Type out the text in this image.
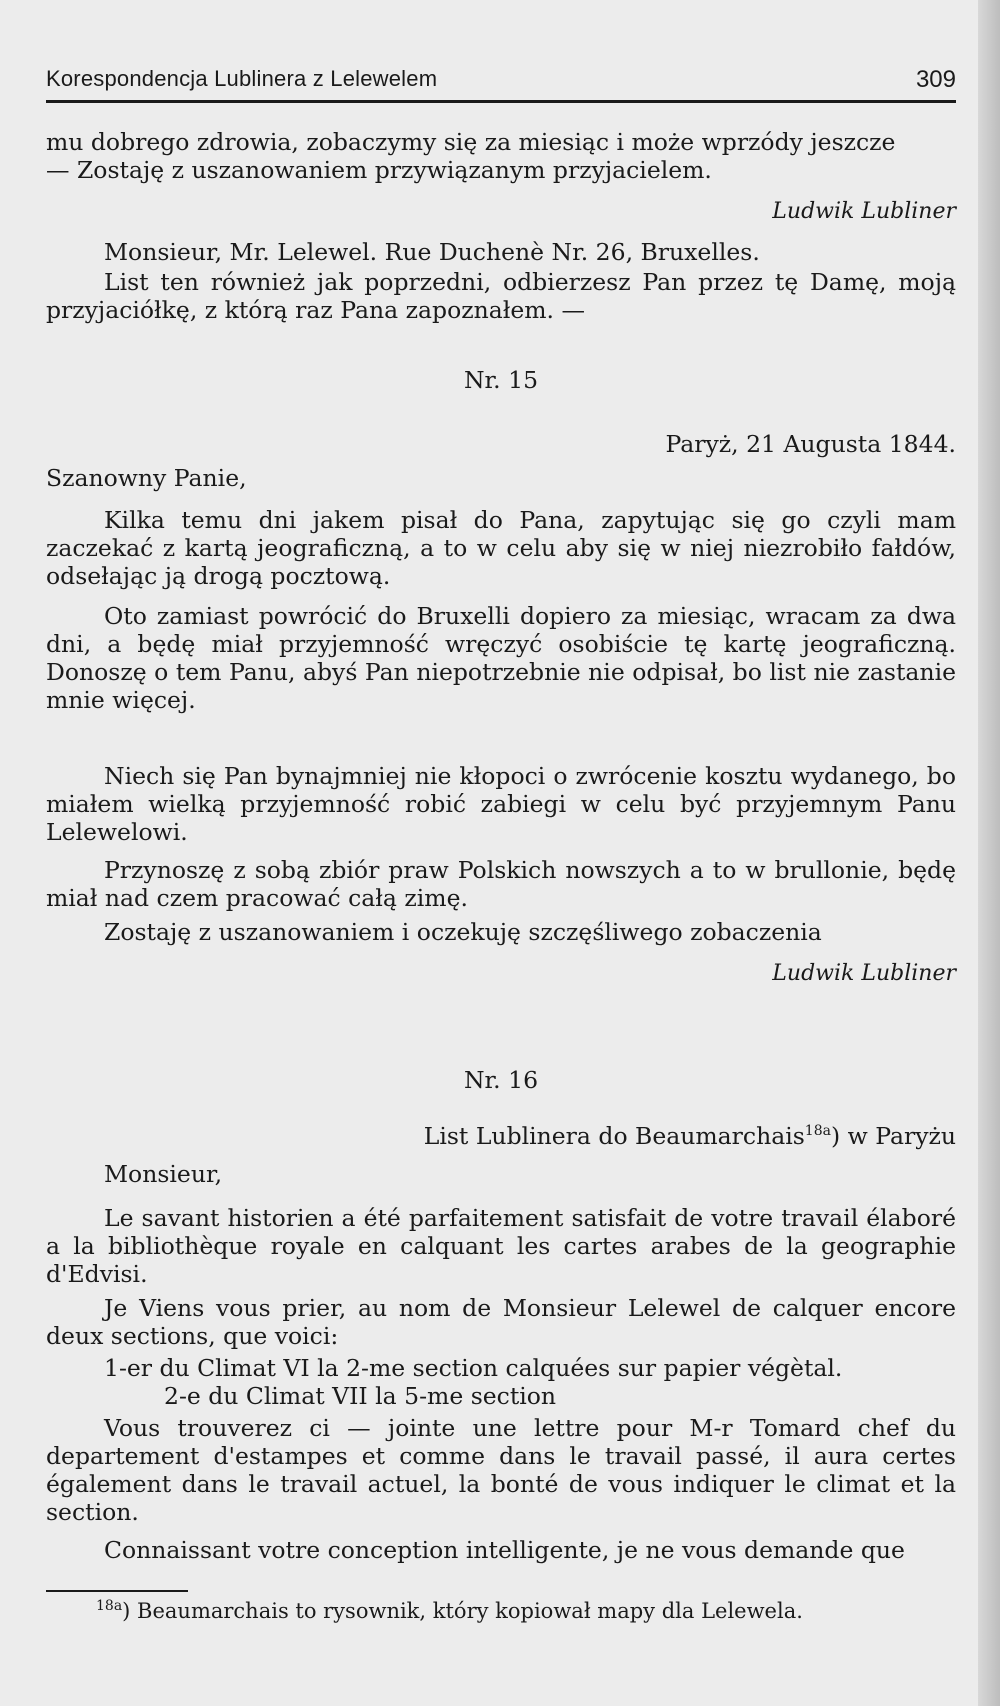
Korespondencja Lublinera z Lelewelem	309
mu dobrego zdrowia, zobaczymy się za miesiąc i może wprzódy jeszcze
— Zostaję z uszanowaniem przywiązanym przyjacielem.
Ludwik Lubliner
Monsieur, Mr. Lelewel. Rue Duchenè Nr. 26, Bruxelles.
List ten również jak poprzedni, odbierzesz Pan przez tę Damę, moją przyjaciółkę, z którą raz Pana zapoznałem. —
Nr. 15
Paryż, 21 Augusta 1844.
Szanowny Panie,
Kilka temu dni jakem pisał do Pana, zapytując się go czyli mam zaczekać z kartą jeograficzną, a to w celu aby się w niej niezrobiło fałdów, odsełając ją drogą pocztową.
Oto zamiast powrócić do Bruxelli dopiero za miesiąc, wracam za dwa dni, a będę miał przyjemność wręczyć osobiście tę kartę jeograficzną. Donoszę o tem Panu, abyś Pan niepotrzebnie nie odpisał, bo list nie zastanie mnie więcej.
Niech się Pan bynajmniej nie kłopoci o zwrócenie kosztu wydanego, bo miałem wielką przyjemność robić zabiegi w celu być przyjemnym Panu Lelewelowi.
Przynoszę z sobą zbiór praw Polskich nowszych a to w brullonie, będę miał nad czem pracować całą zimę.
Zostaję z uszanowaniem i oczekuję szczęśliwego zobaczenia
Ludwik Lubliner
Nr. 16
List Lublinera do Beaumarchais$^{18a}$) w Paryżu
Monsieur,
Le savant historien a été parfaitement satisfait de votre travail élaboré a la bibliothèque royale en calquant les cartes arabes de la geographie d'Edvisi.
Je Viens vous prier, au nom de Monsieur Lelewel de calquer encore deux sections, que voici:
1-er du Climat VI la 2-me section calquées sur papier végètal.
2-e du Climat VII la 5-me section
Vous trouverez ci — jointe une lettre pour M-r Tomard chef du departement d'estampes et comme dans le travail passé, il aura certes également dans le travail actuel, la bonté de vous indiquer le climat et la section.
Connaissant votre conception intelligente, je ne vous demande que
$^{18a}$) Beaumarchais to rysownik, który kopiował mapy dla Lelewela.
